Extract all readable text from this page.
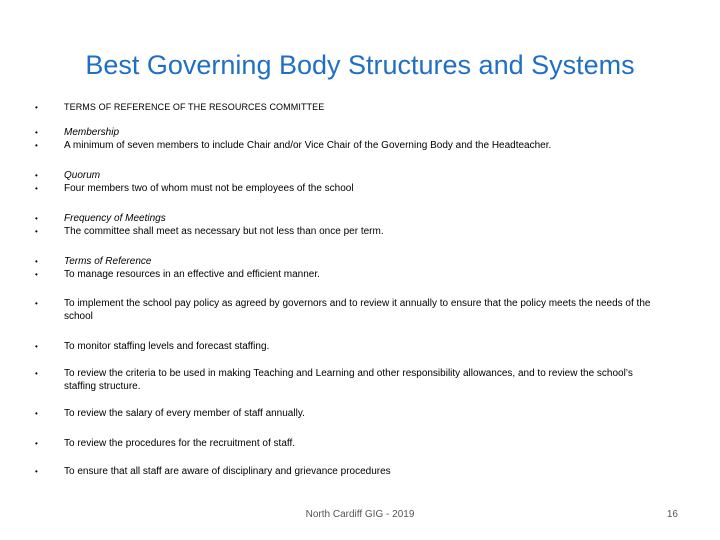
Best Governing Body Structures and Systems
•	TERMS OF REFERENCE OF THE RESOURCES COMMITTEE
•	Membership
•	A minimum of seven members to include Chair and/or Vice Chair of the Governing Body and the Headteacher.
•	Quorum
•	Four members two of whom must not be employees of the school
•	Frequency of Meetings
•	The committee shall meet as necessary but not less than once per term.
•	Terms of Reference
•	To manage resources in an effective and efficient manner.
•	To implement the school pay policy as agreed by governors and to review it annually to ensure that the policy meets the needs of the school
•	To monitor staffing levels and forecast staffing.
•	To review the criteria to be used in making Teaching and Learning and other responsibility allowances, and to review the school’s staffing structure.
•	To review the salary of every member of staff annually.
•	To review the procedures for the recruitment of staff.
•	To ensure that all staff are aware of disciplinary and grievance procedures
North Cardiff GIG - 2019	16
